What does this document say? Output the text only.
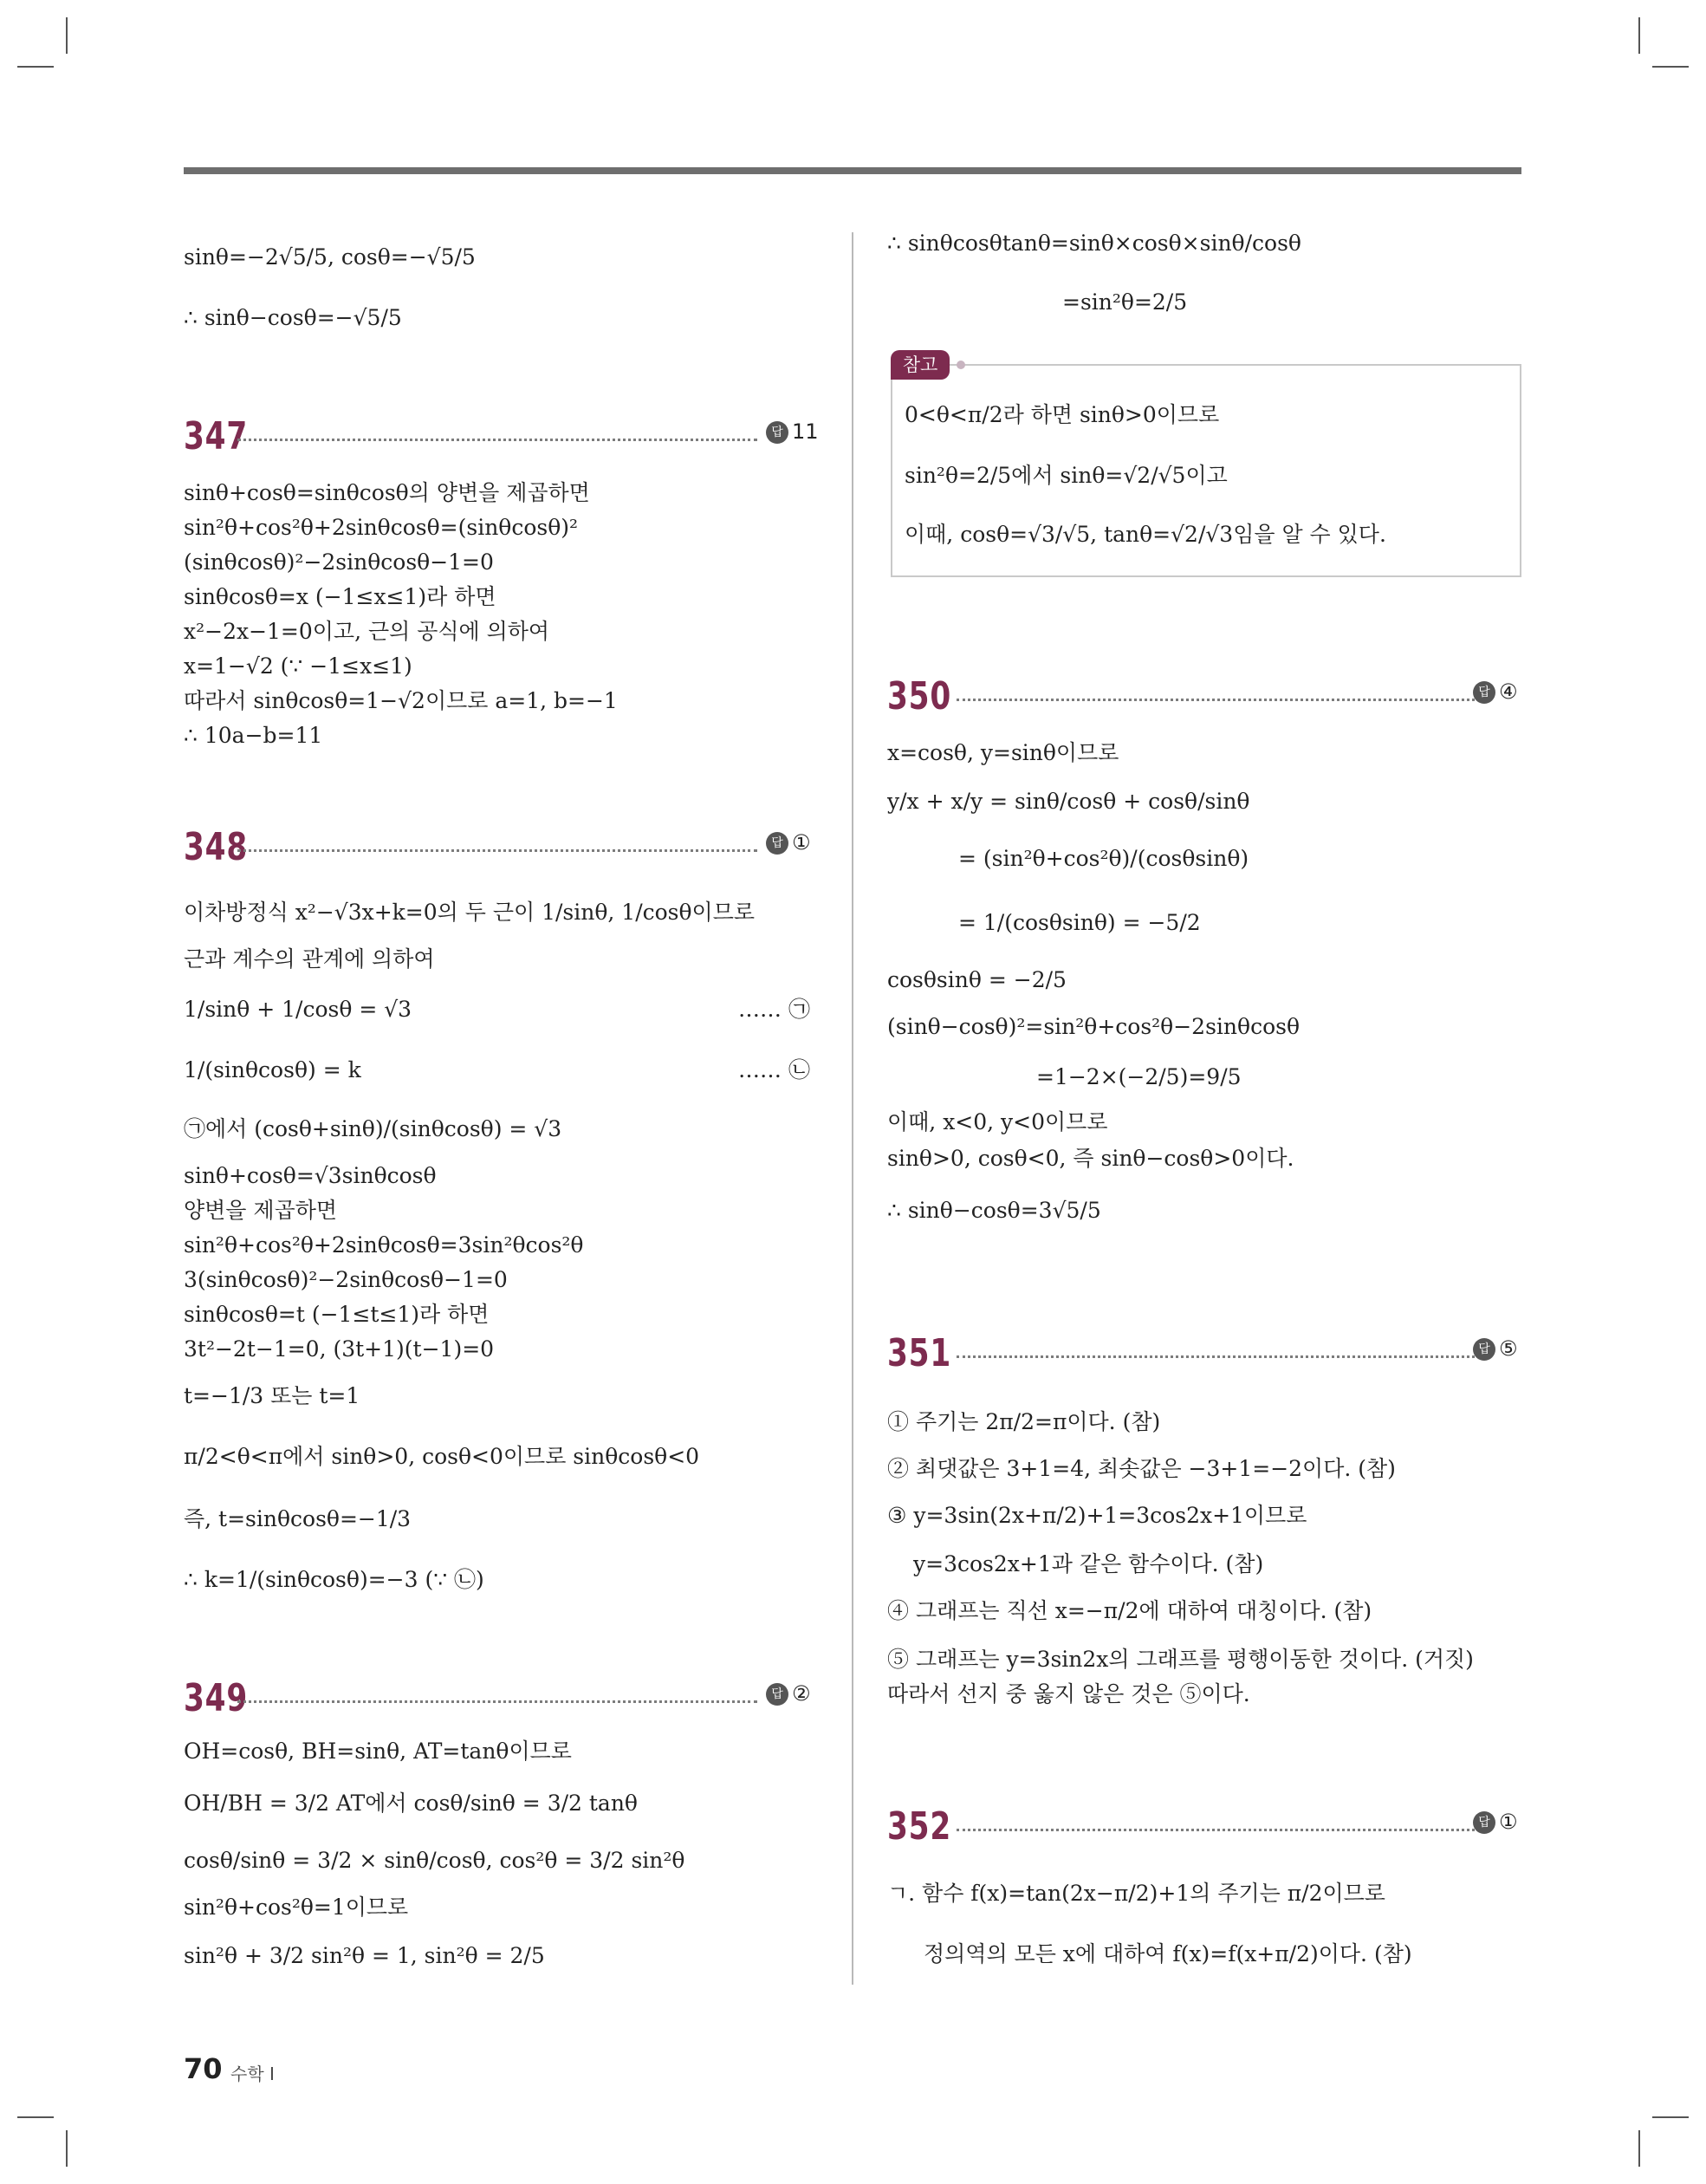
sinθ=−2√5/5, cosθ=−√5/5
∴ sinθ−cosθ=−√5/5
347	답 11
sinθ+cosθ=sinθcosθ의 양변을 제곱하면
sin²θ+cos²θ+2sinθcosθ=(sinθcosθ)²
(sinθcosθ)²−2sinθcosθ−1=0
sinθcosθ=x (−1≤x≤1)라 하면
x²−2x−1=0이고, 근의 공식에 의하여
x=1−√2 (∵ −1≤x≤1)
따라서 sinθcosθ=1−√2이므로 a=1, b=−1
∴ 10a−b=11
348	답 ①
이차방정식 x²−√3x+k=0의 두 근이 1/sinθ, 1/cosθ이므로
근과 계수의 관계에 의하여
1/sinθ + 1/cosθ = √3	…… ㉠
1/(sinθcosθ) = k	…… ㉡
㉠에서 (cosθ+sinθ)/(sinθcosθ) = √3
sinθ+cosθ=√3sinθcosθ
양변을 제곱하면
sin²θ+cos²θ+2sinθcosθ=3sin²θcos²θ
3(sinθcosθ)²−2sinθcosθ−1=0
sinθcosθ=t (−1≤t≤1)라 하면
3t²−2t−1=0, (3t+1)(t−1)=0
t=−1/3 또는 t=1
π/2<θ<π에서 sinθ>0, cosθ<0이므로 sinθcosθ<0
즉, t=sinθcosθ=−1/3
∴ k=1/(sinθcosθ)=−3 (∵ ㉡)
349	답 ②
OH=cosθ, BH=sinθ, AT=tanθ이므로
OH/BH = 3/2 AT에서 cosθ/sinθ = 3/2 tanθ
cosθ/sinθ = 3/2 × sinθ/cosθ, cos²θ = 3/2 sin²θ
sin²θ+cos²θ=1이므로
sin²θ + 3/2 sin²θ = 1, sin²θ = 2/5
∴ sinθcosθtanθ=sinθ×cosθ×sinθ/cosθ
=sin²θ=2/5
참고
0<θ<π/2라 하면 sinθ>0이므로
sin²θ=2/5에서 sinθ=√2/√5이고
이때, cosθ=√3/√5, tanθ=√2/√3임을 알 수 있다.
350	답 ④
x=cosθ, y=sinθ이므로
y/x + x/y = sinθ/cosθ + cosθ/sinθ
= (sin²θ+cos²θ)/(cosθsinθ)
= 1/(cosθsinθ) = −5/2
cosθsinθ = −2/5
(sinθ−cosθ)²=sin²θ+cos²θ−2sinθcosθ
=1−2×(−2/5)=9/5
이때, x<0, y<0이므로
sinθ>0, cosθ<0, 즉 sinθ−cosθ>0이다.
∴ sinθ−cosθ=3√5/5
351	답 ⑤
① 주기는 2π/2=π이다. (참)
② 최댓값은 3+1=4, 최솟값은 −3+1=−2이다. (참)
③ y=3sin(2x+π/2)+1=3cos2x+1이므로
y=3cos2x+1과 같은 함수이다. (참)
④ 그래프는 직선 x=−π/2에 대하여 대칭이다. (참)
⑤ 그래프는 y=3sin2x의 그래프를 평행이동한 것이다. (거짓)
따라서 선지 중 옳지 않은 것은 ⑤이다.
352	답 ①
ㄱ. 함수 f(x)=tan(2x−π/2)+1의 주기는 π/2이므로
정의역의 모든 x에 대하여 f(x)=f(x+π/2)이다. (참)
70 수학 I
